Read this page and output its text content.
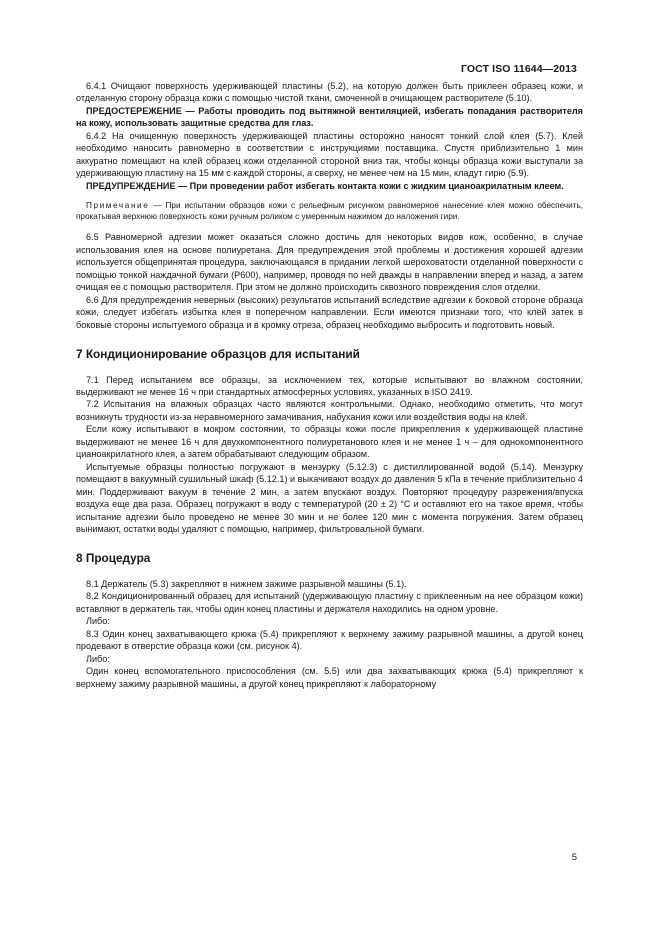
ГОСТ ISO 11644—2013

6.4.1 Очищают поверхность удерживающей пластины (5.2), на которую должен быть приклеен образец кожи, и отделанную сторону образца кожи с помощью чистой ткани, смоченной в очищающем растворителе (5.10).

ПРЕДОСТЕРЕЖЕНИЕ — Работы проводить под вытяжной вентиляцией, избегать попадания растворителя на кожу, использовать защитные средства для глаз.

6.4.2 На очищенную поверхность удерживающей пластины осторожно наносят тонкий слой клея (5.7). Клей необходимо наносить равномерно в соответствии с инструкциями поставщика. Спустя приблизительно 1 мин аккуратно помещают на клей образец кожи отделанной стороной вниз так, чтобы концы образца кожи выступали за удерживающую пластину на 15 мм с каждой стороны, а сверху, не менее чем на 15 мин, кладут гирю (5.9).

ПРЕДУПРЕЖДЕНИЕ — При проведении работ избегать контакта кожи с жидким цианоакрилатным клеем.

Примечание — При испытании образцов кожи с рельефным рисунком равномерное нанесение клея можно обеспечить, прокатывая верхнюю поверхность кожи ручным роликом с умеренным нажимом до наложения гири.

6.5 Равномерной адгезии может оказаться сложно достичь для некоторых видов кож, особенно, в случае использования клея на основе полиуретана. Для предупреждения этой проблемы и достижения хорошей адгезии используется общепринятая процедура, заключающаяся в придании легкой шероховатости отделанной поверхности с помощью тонкой наждачной бумаги (P600), например, проводя по ней дважды в направлении вперед и назад, а затем очищая ее с помощью растворителя. При этом не должно происходить сквозного повреждения слоя отделки.

6.6 Для предупреждения неверных (высоких) результатов испытаний вследствие адгезии к боковой стороне образца кожи, следует избегать избытка клея в поперечном направлении. Если имеются признаки того, что клей затек в боковые стороны испытуемого образца и в кромку отреза, образец необходимо выбросить и подготовить новый.

7 Кондиционирование образцов для испытаний

7.1 Перед испытанием все образцы, за исключением тех, которые испытывают во влажном состоянии, выдерживают не менее 16 ч при стандартных атмосферных условиях, указанных в ISO 2419.

7.2 Испытания на влажных образцах часто являются контрольными. Однако, необходимо отметить, что могут возникнуть трудности из-за неравномерного замачивания, набухания кожи или воздействия воды на клей.

Если кожу испытывают в мокром состоянии, то образцы кожи после прикрепления к удерживающей пластине выдерживают не менее 16 ч для двухкомпонентного полиуретанового клея и не менее 1 ч – для однокомпонентного цианоакрилатного клея, а затем обрабатывают следующим образом.

Испытуемые образцы полностью погружают в мензурку (5.12.3) с дистиллированной водой (5.14). Мензурку помещают в вакуумный сушильный шкаф (5.12.1) и выкачивают воздух до давления 5 кПа в течение приблизительно 4 мин. Поддерживают вакуум в течение 2 мин, а затем впускают воздух. Повторяют процедуру разрежения/впуска воздуха еще два раза. Образец погружают в воду с температурой (20 ± 2) °С и оставляют его на такое время, чтобы испытание адгезии было проведено не менее 30 мин и не более 120 мин с момента погружения. Затем образец вынимают, остатки воды удаляют с помощью, например, фильтровальной бумаги.

8 Процедура

8.1 Держатель (5.3) закрепляют в нижнем зажиме разрывной машины (5.1).

8.2 Кондиционированный образец для испытаний (удерживающую пластину с приклеенным на нее образцом кожи) вставляют в держатель так, чтобы один конец пластины и держателя находились на одном уровне.

Либо:

8.3 Один конец захватывающего крюка (5.4) прикрепляют к верхнему зажиму разрывной машины, а другой конец продевают в отверстие образца кожи (см. рисунок 4).

Либо:

Один конец вспомогательного приспособления (см. 5.5) или два захватывающих крюка (5.4) прикрепляют к верхнему зажиму разрывной машины, а другой конец прикрепляют к лабораторному

5
